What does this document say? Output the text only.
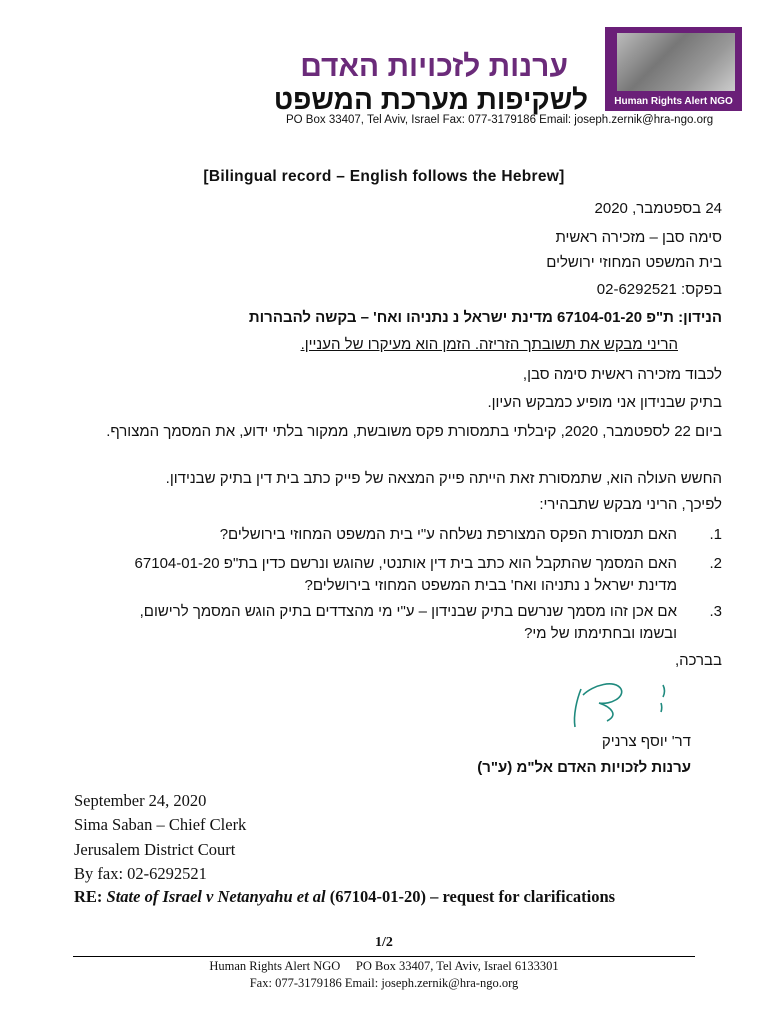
ערנות לזכויות האדם
לשקיפות מערכת המשפט
PO Box 33407, Tel Aviv, Israel Fax: 077-3179186 Email: joseph.zernik@hra-ngo.org
Human Rights Alert NGO
[Bilingual record – English follows the Hebrew]
24 בספטמבר, 2020
סימה סבן – מזכירה ראשית
בית המשפט המחוזי ירושלים
בפקס: 02-6292521
הנידון: ת"פ 67104-01-20 מדינת ישראל נ נתניהו ואח' – בקשה להבהרות
הריני מבקש את תשובתך הזריזה. הזמן הוא מעיקרו של העניין.
לכבוד מזכירה ראשית סימה סבן,
בתיק שבנידון אני מופיע כמבקש העיון.
ביום 22 לספטמבר, 2020, קיבלתי בתמסורת פקס משובשת, ממקור בלתי ידוע, את המסמך המצורף.
החשש העולה הוא, שתמסורת זאת הייתה פייק המצאה של פייק כתב בית דין בתיק שבנידון.
לפיכך, הריני מבקש שתבהירי:
1.
האם תמסורת הפקס המצורפת נשלחה ע"י בית המשפט המחוזי בירושלים?
2.
האם המסמך שהתקבל הוא כתב בית דין אותנטי, שהוגש ונרשם כדין בת"פ 67104-01-20 מדינת ישראל נ נתניהו ואח' בבית המשפט המחוזי בירושלים?
3.
אם אכן זהו מסמך שנרשם בתיק שבנידון – ע"י מי מהצדדים בתיק הוגש המסמך לרישום, ובשמו ובחתימתו של מי?
בברכה,
דר' יוסף צרניק
ערנות לזכויות האדם אל"מ (ע"ר)
September 24, 2020
Sima Saban – Chief Clerk
Jerusalem District Court
By fax: 02-6292521
RE: State of Israel v Netanyahu et al (67104-01-20) – request for clarifications
1/2
Human Rights Alert NGO     PO Box 33407, Tel Aviv, Israel 6133301
Fax: 077-3179186 Email: joseph.zernik@hra-ngo.org
